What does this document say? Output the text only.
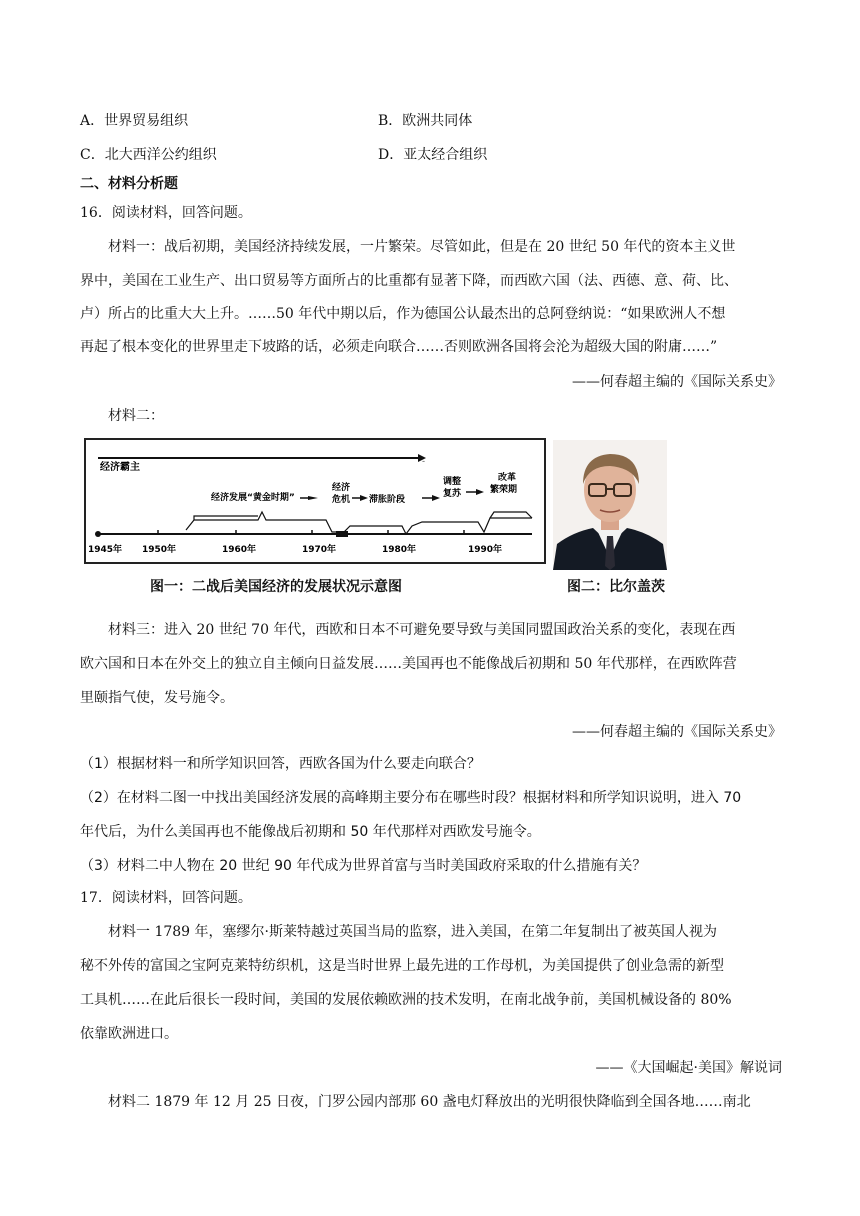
A．世界贸易组织	B．欧洲共同体
C．北大西洋公约组织	D．亚太经合组织
二、材料分析题
16．阅读材料，回答问题。
材料一：战后初期，美国经济持续发展，一片繁荣。尽管如此，但是在 20 世纪 50 年代的资本主义世
界中，美国在工业生产、出口贸易等方面所占的比重都有显著下降，而西欧六国（法、西德、意、荷、比、
卢）所占的比重大大上升。……50 年代中期以后，作为德国公认最杰出的总阿登纳说：“如果欧洲人不想
再起了根本变化的世界里走下坡路的话，必须走向联合……否则欧洲各国将会沦为超级大国的附庸……”
——何春超主编的《国际关系史》
材料二：
经济霸主	-
经济发展“黄金时期”
经济
危机 滞胀阶段
调整
复苏
改革
繁荣期
1945年 1950年	1960年	1970年	1980年	1990年
图一：二战后美国经济的发展状况示意图	图二：比尔盖茨
材料三：进入 20 世纪 70 年代，西欧和日本不可避免要导致与美国同盟国政治关系的变化，表现在西
欧六国和日本在外交上的独立自主倾向日益发展……美国再也不能像战后初期和 50 年代那样，在西欧阵营
里颐指气使，发号施令。
——何春超主编的《国际关系史》
（1）根据材料一和所学知识回答，西欧各国为什么要走向联合？
（2）在材料二图一中找出美国经济发展的高峰期主要分布在哪些时段？根据材料和所学知识说明，进入 70
年代后，为什么美国再也不能像战后初期和 50 年代那样对西欧发号施令。
（3）材料二中人物在 20 世纪 90 年代成为世界首富与当时美国政府采取的什么措施有关？
17．阅读材料，回答问题。
材料一 1789 年，塞缪尔·斯莱特越过英国当局的监察，进入美国，在第二年复制出了被英国人视为
秘不外传的富国之宝阿克莱特纺织机，这是当时世界上最先进的工作母机，为美国提供了创业急需的新型
工具机……在此后很长一段时间，美国的发展依赖欧洲的技术发明，在南北战争前，美国机械设备的 80%
依靠欧洲进口。
——《大国崛起·美国》解说词
材料二 1879 年 12 月 25 日夜，门罗公园内部那 60 盏电灯释放出的光明很快降临到全国各地……南北
